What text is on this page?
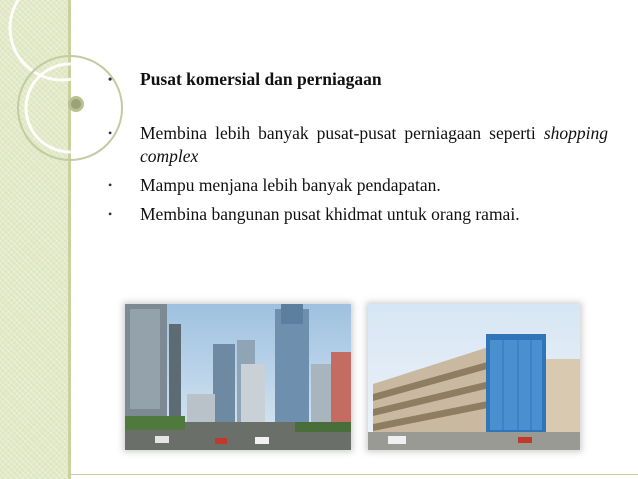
• Pusat komersial dan perniagaan
• Membina lebih banyak pusat-pusat perniagaan seperti shopping complex
• Mampu menjana lebih banyak pendapatan.
• Membina bangunan pusat khidmat untuk orang ramai.
